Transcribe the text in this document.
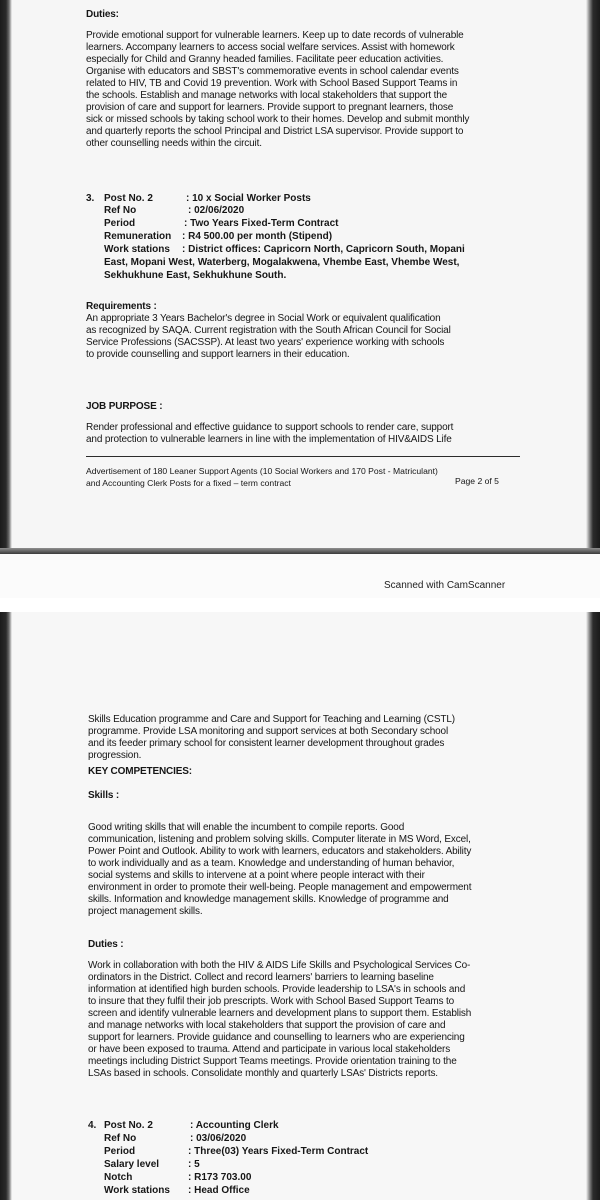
Duties:
Provide emotional support for vulnerable learners. Keep up to date records of vulnerable
learners. Accompany learners to access social welfare services. Assist with homework
especially for Child and Granny headed families. Facilitate peer education activities.
Organise with educators and SBST's commemorative events in school calendar events
related to HIV, TB and Covid 19 prevention. Work with School Based Support Teams in
the schools. Establish and manage networks with local stakeholders that support the
provision of care and support for learners. Provide support to pregnant learners, those
sick or missed schools by taking school work to their homes. Develop and submit monthly
and quarterly reports the school Principal and District LSA supervisor. Provide support to
other counselling needs within the circuit.
3. Post No. 2	: 10 x Social Worker Posts
Ref No	: 02/06/2020
Period	: Two Years Fixed-Term Contract
Remuneration : R4 500.00 per month (Stipend)
Work stations : District offices: Capricorn North, Capricorn South, Mopani
East, Mopani West, Waterberg, Mogalakwena, Vhembe East, Vhembe West,
Sekhukhune East, Sekhukhune South.
Requirements :
An appropriate 3 Years Bachelor's degree in Social Work or equivalent qualification
as recognized by SAQA. Current registration with the South African Council for Social
Service Professions (SACSSP). At least two years' experience working with schools
to provide counselling and support learners in their education.
JOB PURPOSE :
Render professional and effective guidance to support schools to render care, support
and protection to vulnerable learners in line with the implementation of HIV&AIDS Life
Advertisement of 180 Leaner Support Agents (10 Social Workers and 170 Post - Matriculant)
and Accounting Clerk Posts for a fixed – term contract	Page 2 of 5
Scanned with CamScanner
Skills Education programme and Care and Support for Teaching and Learning (CSTL)
programme. Provide LSA monitoring and support services at both Secondary school
and its feeder primary school for consistent learner development throughout grades
progression.
KEY COMPETENCIES:
Skills :
Good writing skills that will enable the incumbent to compile reports. Good
communication, listening and problem solving skills. Computer literate in MS Word, Excel,
Power Point and Outlook. Ability to work with learners, educators and stakeholders. Ability
to work individually and as a team. Knowledge and understanding of human behavior,
social systems and skills to intervene at a point where people interact with their
environment in order to promote their well-being. People management and empowerment
skills. Information and knowledge management skills. Knowledge of programme and
project management skills.
Duties :
Work in collaboration with both the HIV & AIDS Life Skills and Psychological Services Co-
ordinators in the District. Collect and record learners' barriers to learning baseline
information at identified high burden schools. Provide leadership to LSA's in schools and
to insure that they fulfil their job prescripts. Work with School Based Support Teams to
screen and identify vulnerable learners and development plans to support them. Establish
and manage networks with local stakeholders that support the provision of care and
support for learners. Provide guidance and counselling to learners who are experiencing
or have been exposed to trauma. Attend and participate in various local stakeholders
meetings including District Support Teams meetings. Provide orientation training to the
LSAs based in schools. Consolidate monthly and quarterly LSAs' Districts reports.
4. Post No. 2	: Accounting Clerk
Ref No	: 03/06/2020
Period	: Three(03) Years Fixed-Term Contract
Salary level	: 5
Notch	: R173 703.00
Work stations : Head Office
